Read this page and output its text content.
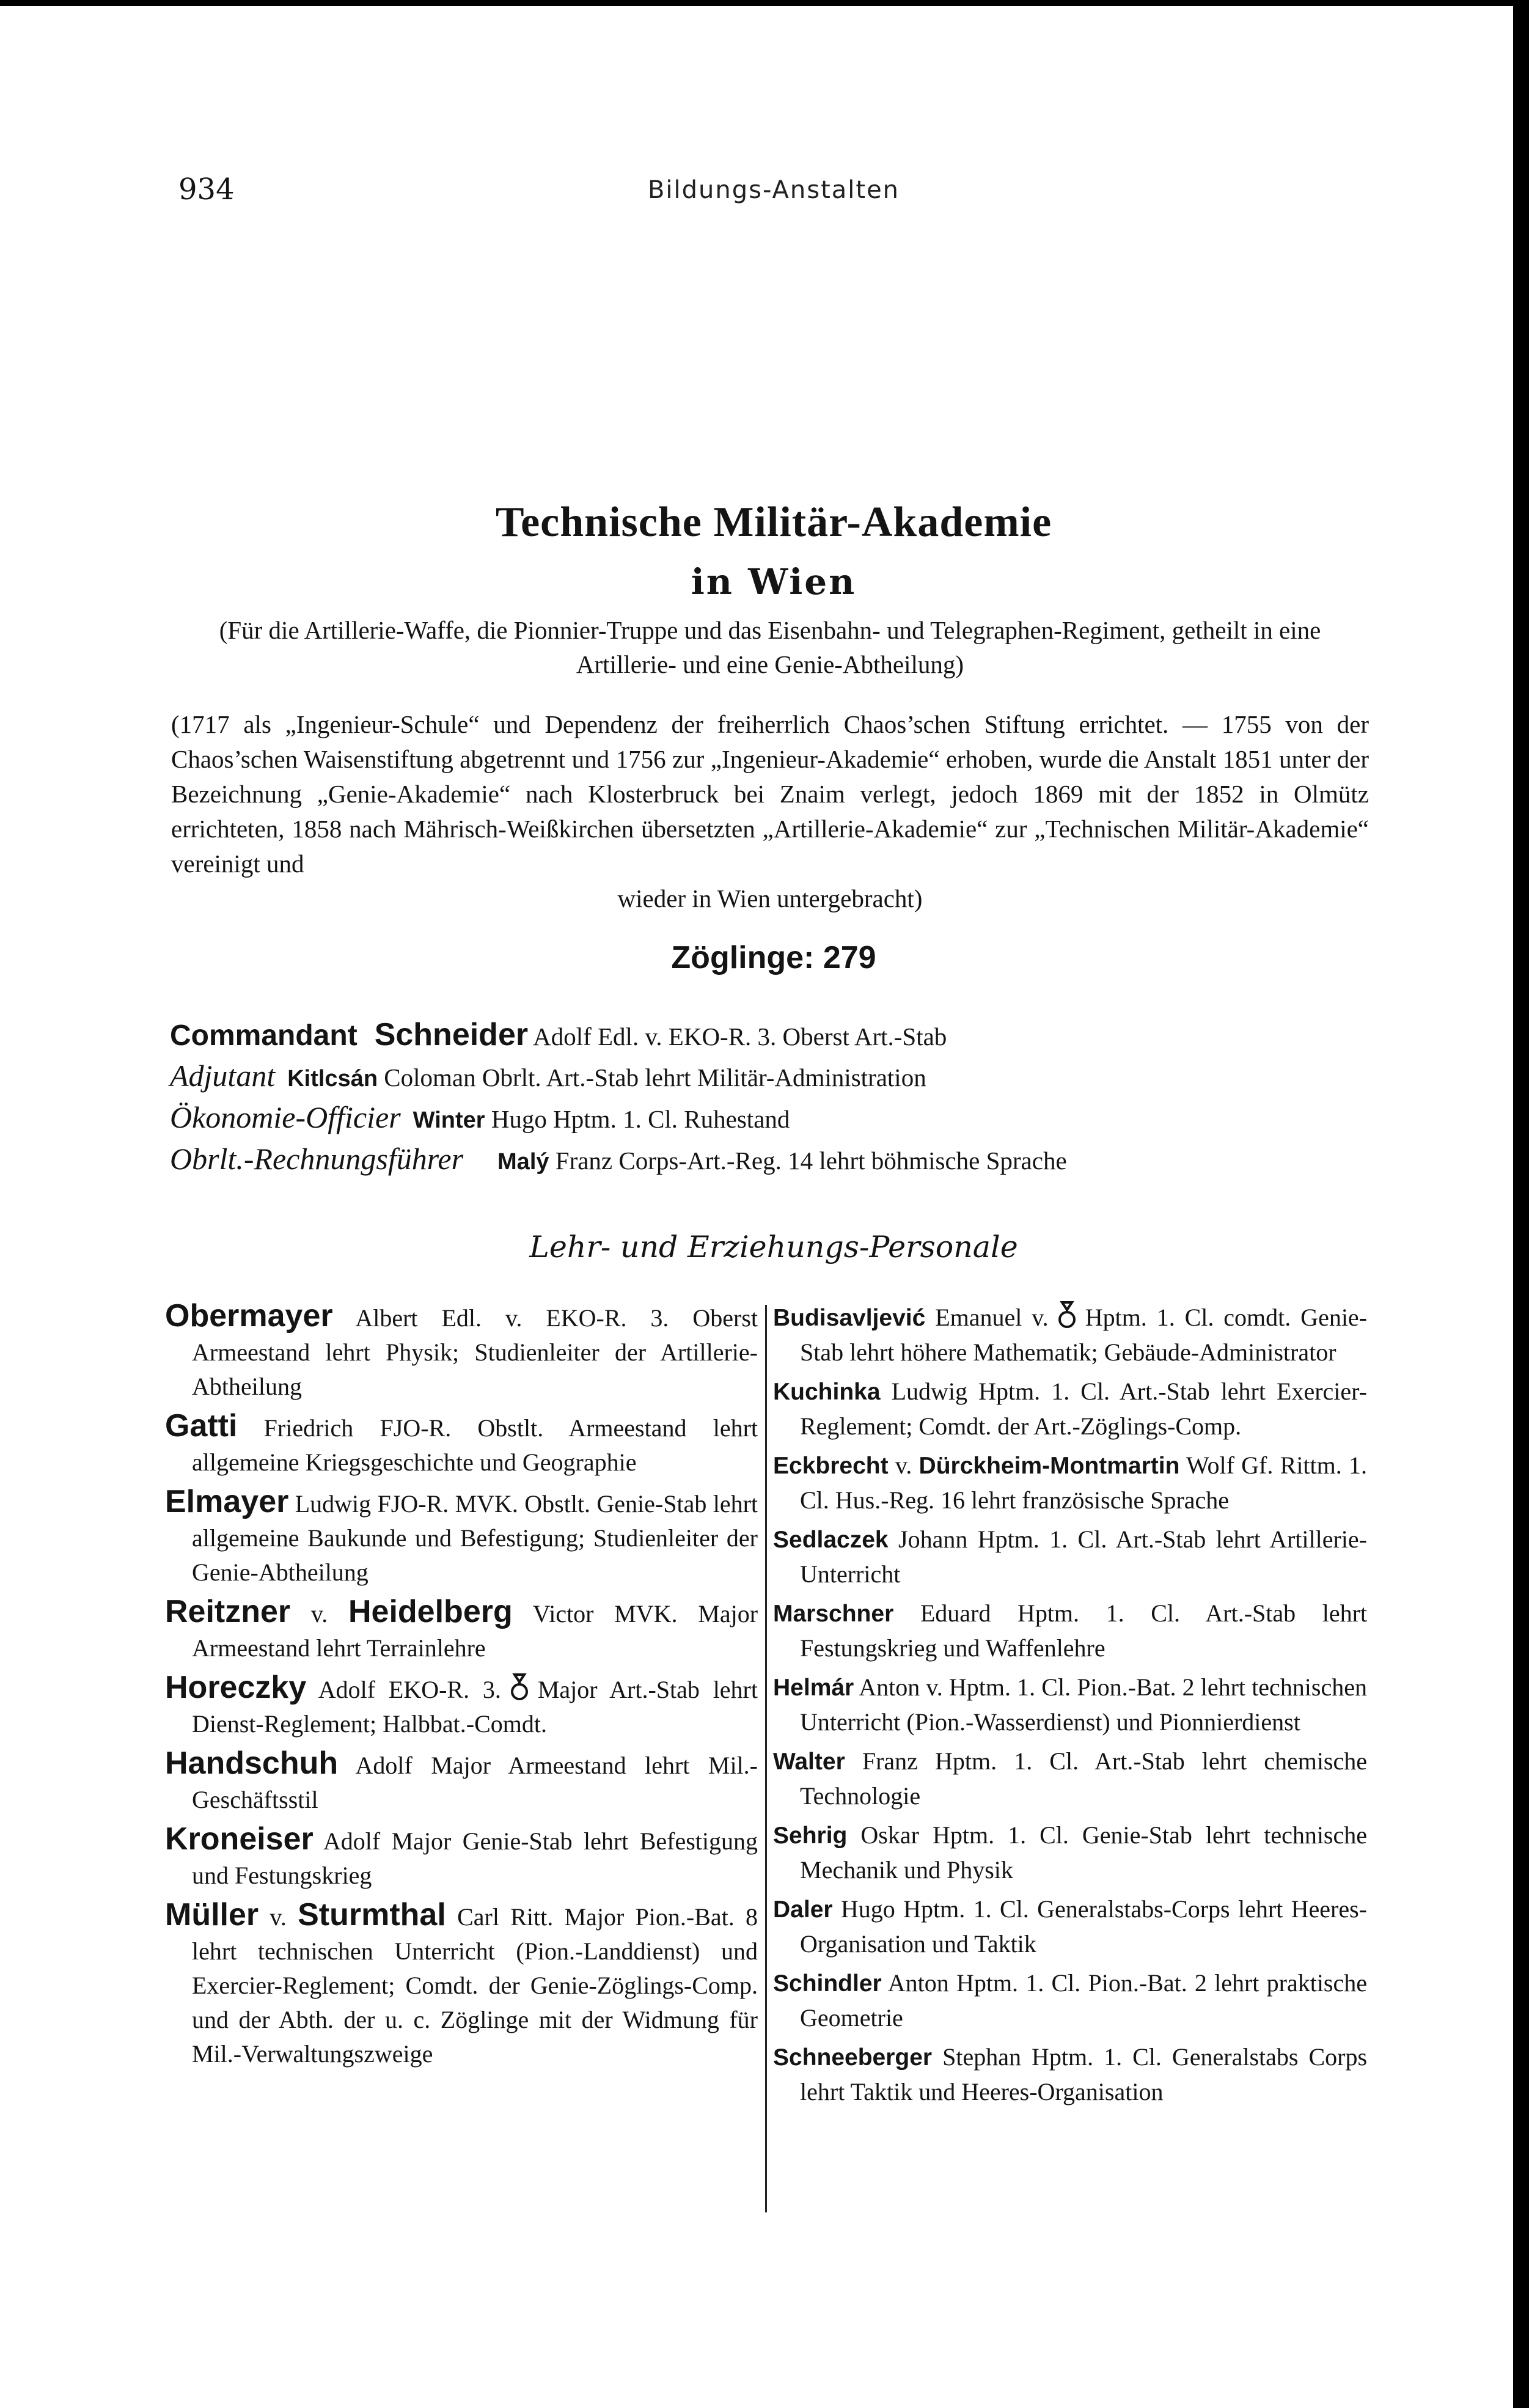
934	Bildungs-Anstalten
Technische Militär-Akademie
in Wien
(Für die Artillerie-Waffe, die Pionnier-Truppe und das Eisenbahn- und Telegraphen-Regiment, getheilt in eine Artillerie- und eine Genie-Abtheilung)
(1717 als „Ingenieur-Schule“ und Dependenz der freiherrlich Chaos’schen Stiftung errichtet. — 1755 von der Chaos’schen Waisenstiftung abgetrennt und 1756 zur „Ingenieur-Akademie“ erhoben, wurde die Anstalt 1851 unter der Bezeichnung „Genie-Akademie“ nach Klosterbruck bei Znaim verlegt, jedoch 1869 mit der 1852 in Olmütz errichteten, 1858 nach Mährisch-Weißkirchen übersetzten „Artillerie-Akademie“ zur „Technischen Militär-Akademie“ vereinigt und
wieder in Wien untergebracht)
Zöglinge: 279
Commandant Schneider Adolf Edl. v. EKO-R. 3. Oberst Art.-Stab
Adjutant Kitlcsán Coloman Obrlt. Art.-Stab lehrt Militär-Administration
Ökonomie-Officier Winter Hugo Hptm. 1. Cl. Ruhestand
Obrlt.-Rechnungsführer Malý Franz Corps-Art.-Reg. 14 lehrt böhmische Sprache
Lehr- und Erziehungs-Personale
Obermayer Albert Edl. v. EKO-R. 3. Oberst Armeestand lehrt Physik; Studienleiter der Artillerie-Abtheilung
Gatti Friedrich FJO-R. Obstlt. Armeestand lehrt allgemeine Kriegsgeschichte und Geographie
Elmayer Ludwig FJO-R. MVK. Obstlt. Genie-Stab lehrt allgemeine Baukunde und Befestigung; Studienleiter der Genie-Abtheilung
Reitzner v. Heidelberg Victor MVK. Major Armeestand lehrt Terrainlehre
Horeczky Adolf EKO-R. 3. Major Art.-Stab lehrt Dienst-Reglement; Halbbat.-Comdt.
Handschuh Adolf Major Armeestand lehrt Mil.-Geschäftsstil
Kroneiser Adolf Major Genie-Stab lehrt Befestigung und Festungskrieg
Müller v. Sturmthal Carl Ritt. Major Pion.-Bat. 8 lehrt technischen Unterricht (Pion.-Landdienst) und Exercier-Reglement; Comdt. der Genie-Zöglings-Comp. und der Abth. der u. c. Zöglinge mit der Widmung für Mil.-Verwaltungszweige
Budisavljević Emanuel v. Hptm. 1. Cl. comdt. Genie-Stab lehrt höhere Mathematik; Gebäude-Administrator
Kuchinka Ludwig Hptm. 1. Cl. Art.-Stab lehrt Exercier-Reglement; Comdt. der Art.-Zöglings-Comp.
Eckbrecht v. Dürckheim-Montmartin Wolf Gf. Rittm. 1. Cl. Hus.-Reg. 16 lehrt französische Sprache
Sedlaczek Johann Hptm. 1. Cl. Art.-Stab lehrt Artillerie-Unterricht
Marschner Eduard Hptm. 1. Cl. Art.-Stab lehrt Festungskrieg und Waffenlehre
Helmár Anton v. Hptm. 1. Cl. Pion.-Bat. 2 lehrt technischen Unterricht (Pion.-Wasserdienst) und Pionnierdienst
Walter Franz Hptm. 1. Cl. Art.-Stab lehrt chemische Technologie
Sehrig Oskar Hptm. 1. Cl. Genie-Stab lehrt technische Mechanik und Physik
Daler Hugo Hptm. 1. Cl. Generalstabs-Corps lehrt Heeres-Organisation und Taktik
Schindler Anton Hptm. 1. Cl. Pion.-Bat. 2 lehrt praktische Geometrie
Schneeberger Stephan Hptm. 1. Cl. Generalstabs Corps lehrt Taktik und Heeres-Organisation
